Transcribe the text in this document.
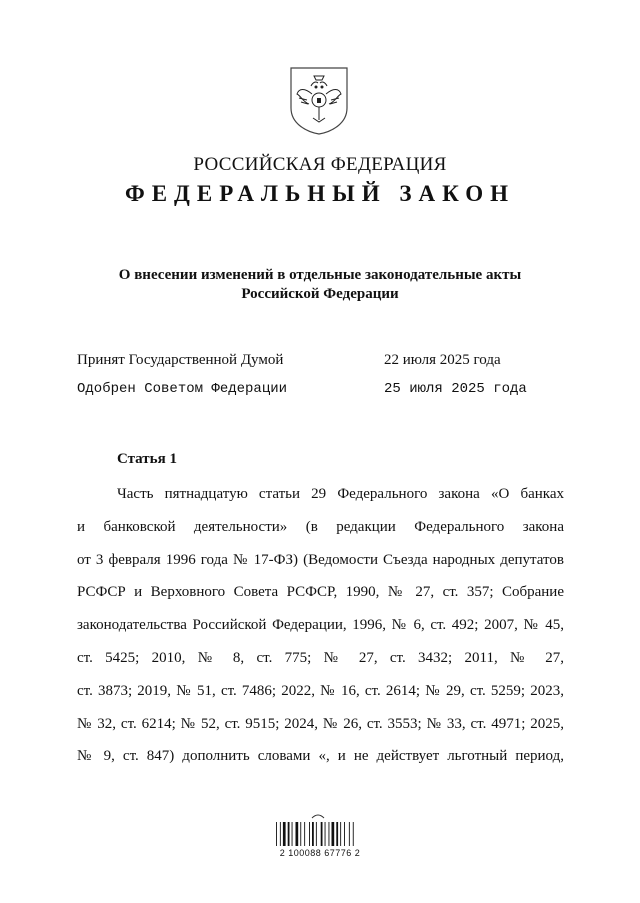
РОССИЙСКАЯ ФЕДЕРАЦИЯ
ФЕДЕРАЛЬНЫЙ ЗАКОН
О внесении изменений в отдельные законодательные акты
Российской Федерации
Принят Государственной Думой	22 июля 2025 года
Одобрен Советом Федерации	25 июля 2025 года
Статья 1
Часть пятнадцатую статьи 29 Федерального закона «О банках
и банковской деятельности» (в редакции Федерального закона
от 3 февраля 1996 года № 17-ФЗ) (Ведомости Съезда народных депутатов
РСФСР и Верховного Совета РСФСР, 1990, № 27, ст. 357; Собрание
законодательства Российской Федерации, 1996, № 6, ст. 492; 2007, № 45,
ст. 5425; 2010, № 8, ст. 775; № 27, ст. 3432; 2011, № 27,
ст. 3873; 2019, № 51, ст. 7486; 2022, № 16, ст. 2614; № 29, ст. 5259; 2023,
№ 32, ст. 6214; № 52, ст. 9515; 2024, № 26, ст. 3553; № 33, ст. 4971; 2025,
№ 9, ст. 847) дополнить словами «, и не действует льготный период,
2 100088 67776 2
